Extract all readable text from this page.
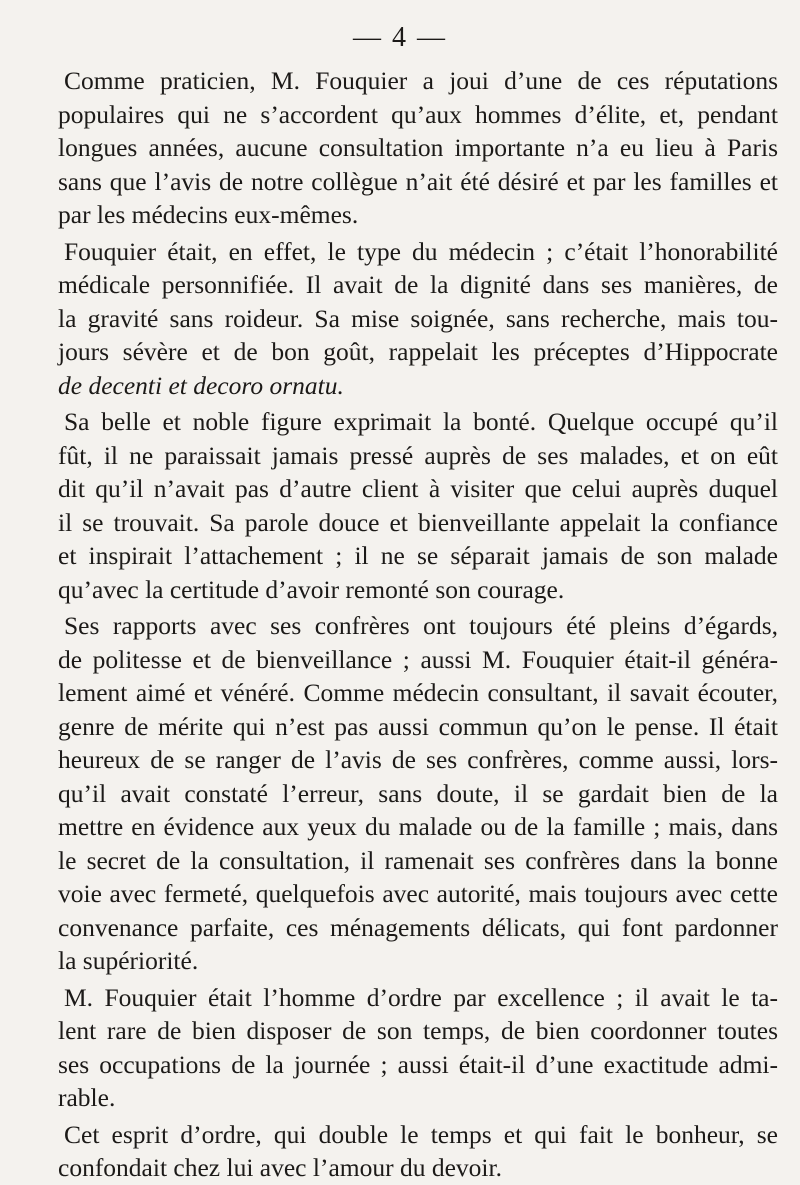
— 4 —
Comme praticien, M. Fouquier a joui d’une de ces réputations
populaires qui ne s’accordent qu’aux hommes d’élite, et, pendant
longues années, aucune consultation importante n’a eu lieu à Paris
sans que l’avis de notre collègue n’ait été désiré et par les familles et
par les médecins eux-mêmes.
Fouquier était, en effet, le type du médecin ; c’était l’honorabilité
médicale personnifiée. Il avait de la dignité dans ses manières, de
la gravité sans roideur. Sa mise soignée, sans recherche, mais tou-
jours sévère et de bon goût, rappelait les préceptes d’Hippocrate
de decenti et decoro ornatu.
Sa belle et noble figure exprimait la bonté. Quelque occupé qu’il
fût, il ne paraissait jamais pressé auprès de ses malades, et on eût
dit qu’il n’avait pas d’autre client à visiter que celui auprès duquel
il se trouvait. Sa parole douce et bienveillante appelait la confiance
et inspirait l’attachement ; il ne se séparait jamais de son malade
qu’avec la certitude d’avoir remonté son courage.
Ses rapports avec ses confrères ont toujours été pleins d’égards,
de politesse et de bienveillance ; aussi M. Fouquier était-il généra-
lement aimé et vénéré. Comme médecin consultant, il savait écouter,
genre de mérite qui n’est pas aussi commun qu’on le pense. Il était
heureux de se ranger de l’avis de ses confrères, comme aussi, lors-
qu’il avait constaté l’erreur, sans doute, il se gardait bien de la
mettre en évidence aux yeux du malade ou de la famille ; mais, dans
le secret de la consultation, il ramenait ses confrères dans la bonne
voie avec fermeté, quelquefois avec autorité, mais toujours avec cette
convenance parfaite, ces ménagements délicats, qui font pardonner
la supériorité.
M. Fouquier était l’homme d’ordre par excellence ; il avait le ta-
lent rare de bien disposer de son temps, de bien coordonner toutes
ses occupations de la journée ; aussi était-il d’une exactitude admi-
rable.
Cet esprit d’ordre, qui double le temps et qui fait le bonheur, se
confondait chez lui avec l’amour du devoir.
